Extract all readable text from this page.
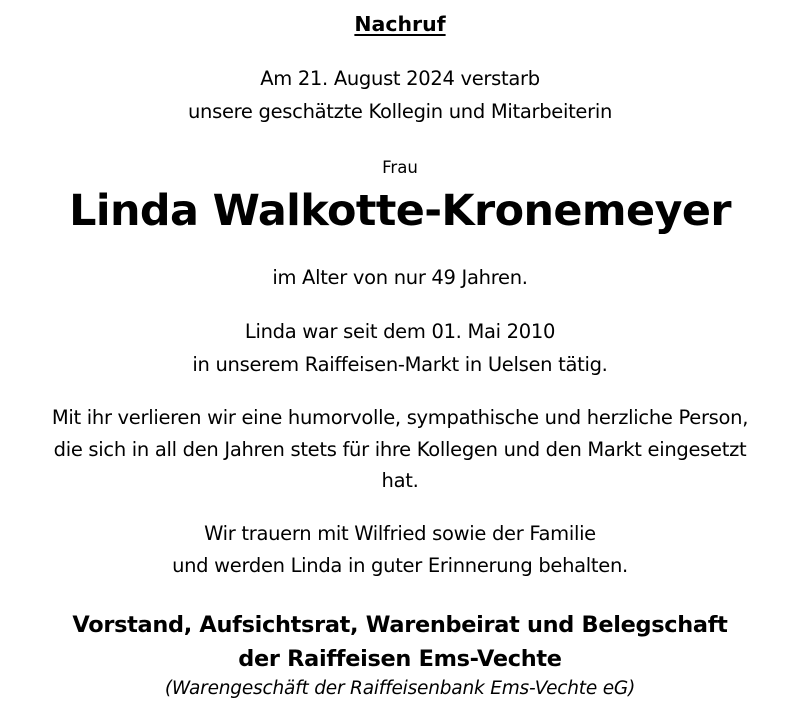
Nachruf
Am 21. August 2024 verstarb
unsere geschätzte Kollegin und Mitarbeiterin
Frau
Linda Walkotte-Kronemeyer
im Alter von nur 49 Jahren.
Linda war seit dem 01. Mai 2010
in unserem Raiffeisen-Markt in Uelsen tätig.
Mit ihr verlieren wir eine humorvolle, sympathische und herzliche Person,
die sich in all den Jahren stets für ihre Kollegen und den Markt eingesetzt
hat.
Wir trauern mit Wilfried sowie der Familie
und werden Linda in guter Erinnerung behalten.
Vorstand, Aufsichtsrat, Warenbeirat und Belegschaft
der Raiffeisen Ems-Vechte
(Warengeschäft der Raiffeisenbank Ems-Vechte eG)
